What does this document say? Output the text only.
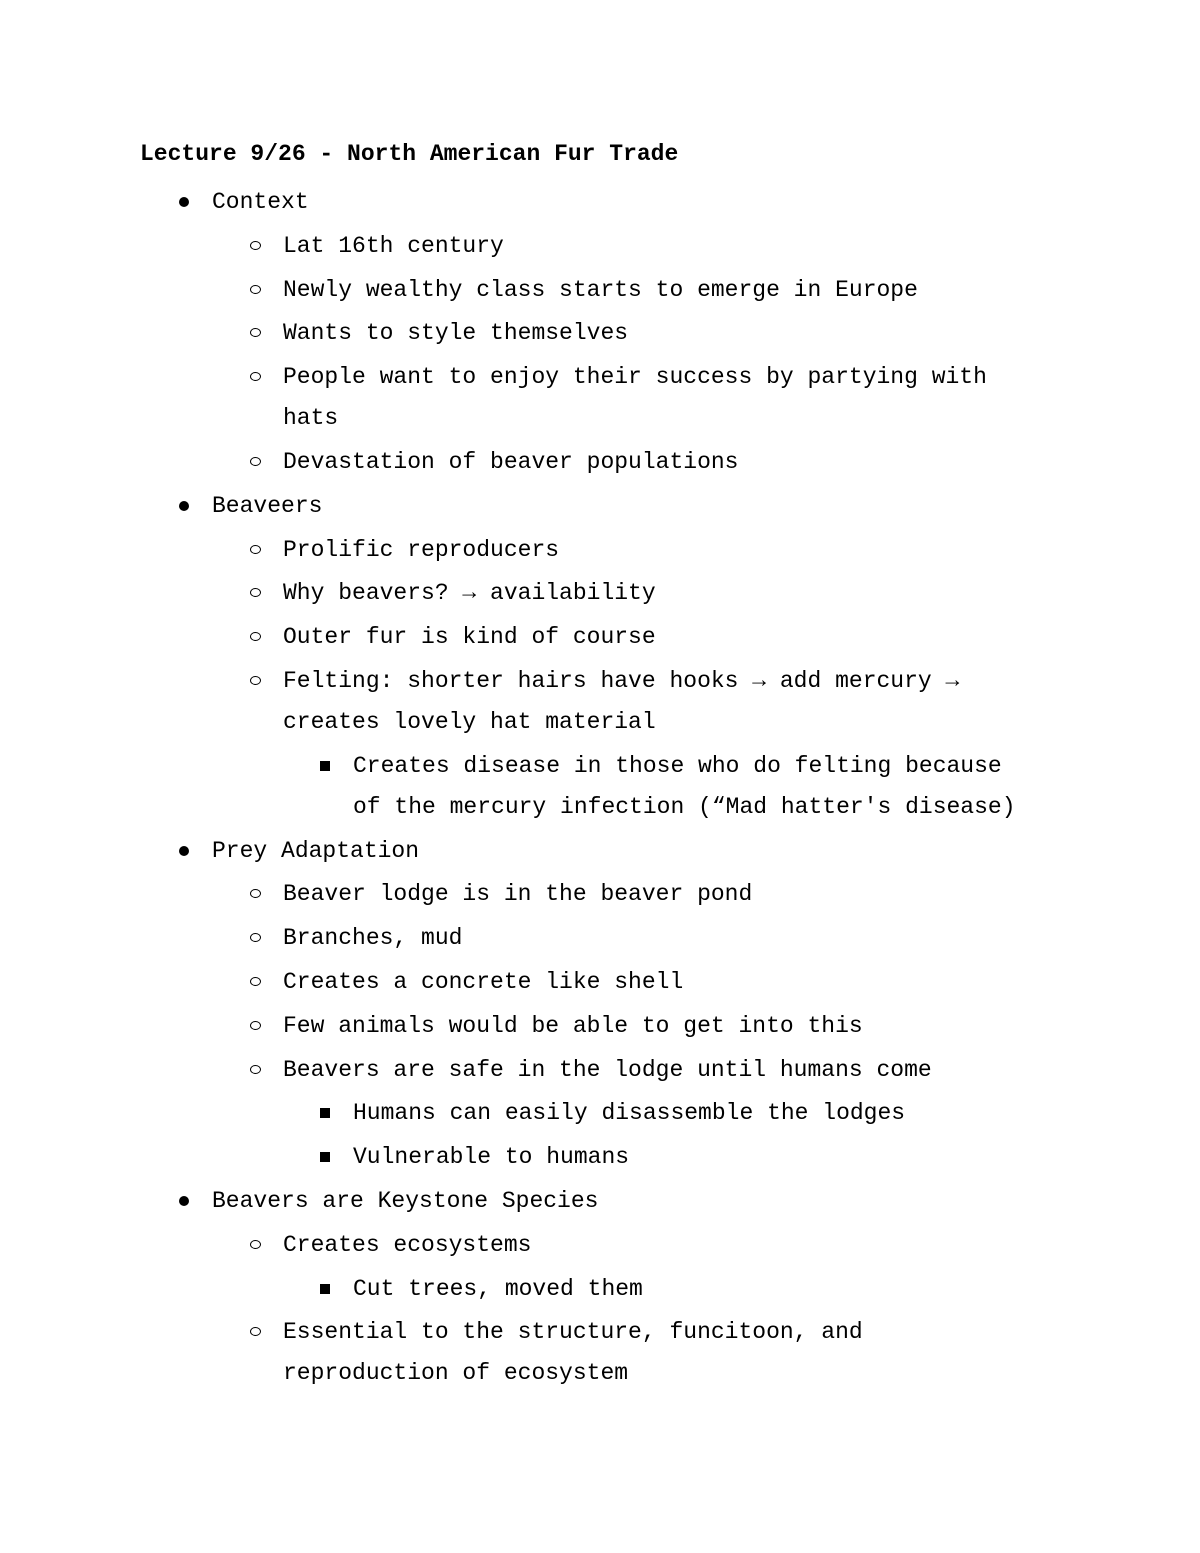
Lecture 9/26 - North American Fur Trade
Context
Lat 16th century
Newly wealthy class starts to emerge in Europe
Wants to style themselves
People want to enjoy their success by partying with hats
Devastation of beaver populations
Beaveers
Prolific reproducers
Why beavers? → availability
Outer fur is kind of course
Felting: shorter hairs have hooks → add mercury → creates lovely hat material
Creates disease in those who do felting because of the mercury infection (“Mad hatter's disease)
Prey Adaptation
Beaver lodge is in the beaver pond
Branches, mud
Creates a concrete like shell
Few animals would be able to get into this
Beavers are safe in the lodge until humans come
Humans can easily disassemble the lodges
Vulnerable to humans
Beavers are Keystone Species
Creates ecosystems
Cut trees, moved them
Essential to the structure, funcitoon, and reproduction of ecosystem
